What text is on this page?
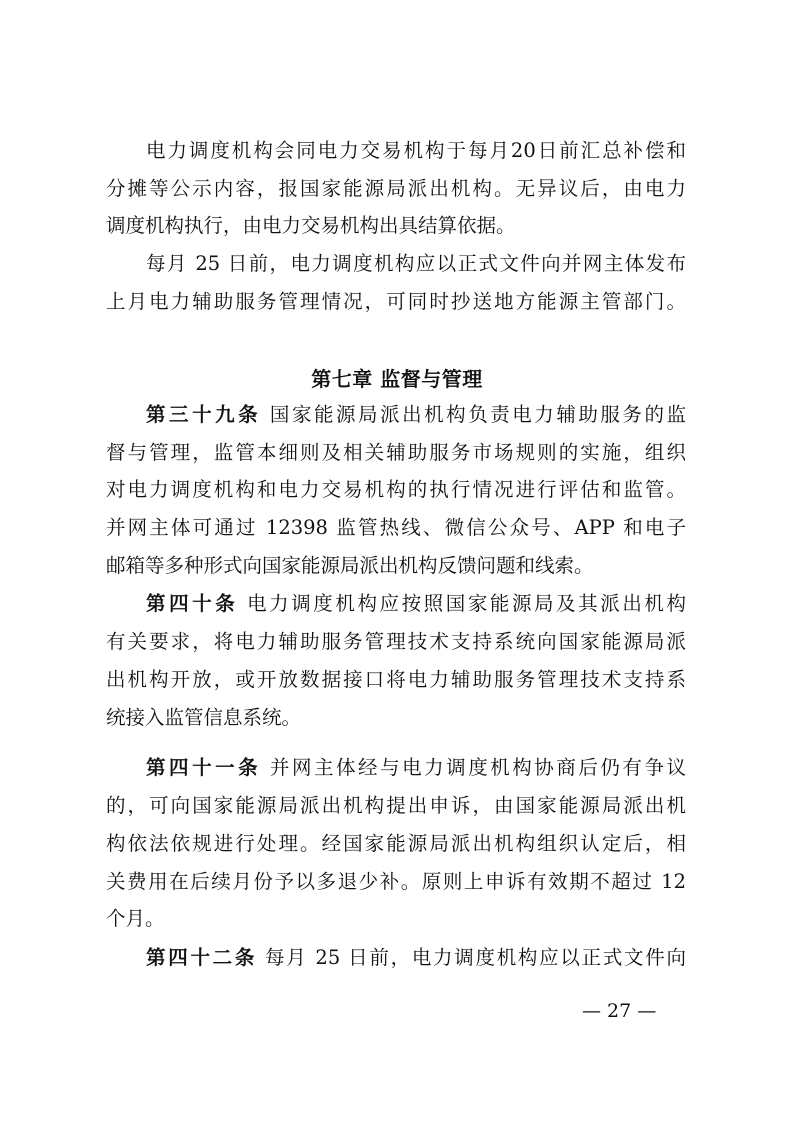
电力调度机构会同电力交易机构于每月20日前汇总补偿和

分摊等公示内容，报国家能源局派出机构。无异议后，由电力

调度机构执行，由电力交易机构出具结算依据。

每月 25 日前，电力调度机构应以正式文件向并网主体发布

上月电力辅助服务管理情况，可同时抄送地方能源主管部门。

第七章 监督与管理

第三十九条 国家能源局派出机构负责电力辅助服务的监

督与管理，监管本细则及相关辅助服务市场规则的实施，组织

对电力调度机构和电力交易机构的执行情况进行评估和监管。

并网主体可通过 12398 监管热线、微信公众号、APP 和电子

邮箱等多种形式向国家能源局派出机构反馈问题和线索。

第四十条 电力调度机构应按照国家能源局及其派出机构

有关要求，将电力辅助服务管理技术支持系统向国家能源局派

出机构开放，或开放数据接口将电力辅助服务管理技术支持系

统接入监管信息系统。

第四十一条 并网主体经与电力调度机构协商后仍有争议

的，可向国家能源局派出机构提出申诉，由国家能源局派出机

构依法依规进行处理。经国家能源局派出机构组织认定后，相

关费用在后续月份予以多退少补。原则上申诉有效期不超过 12

个月。

第四十二条 每月 25 日前，电力调度机构应以正式文件向

— 27 —
